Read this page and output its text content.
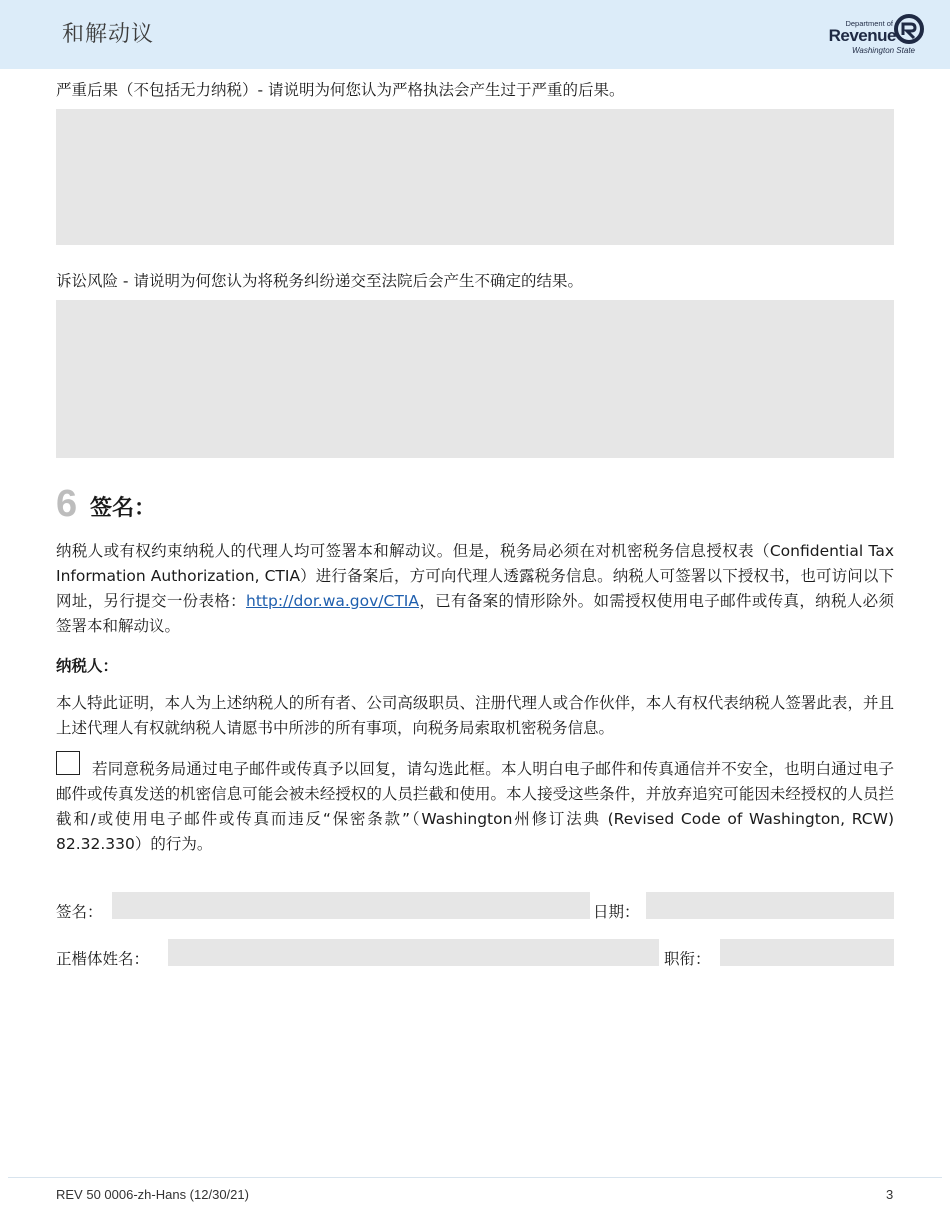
和解动议	Department of
Revenue
Washington State
严重后果（不包括无力纳税）- 请说明为何您认为严格执法会产生过于严重的后果。
诉讼风险 - 请说明为何您认为将税务纠纷递交至法院后会产生不确定的结果。
6 签名：
纳税人或有权约束纳税人的代理人均可签署本和解动议。但是，税务局必须在对机密税务信息授权表（Confidential Tax Information Authorization, CTIA）进行备案后，方可向代理人透露税务信息。纳税人可签署以下授权书，也可访问以下网址，另行提交一份表格：http://dor.wa.gov/CTIA，已有备案的情形除外。如需授权使用电子邮件或传真，纳税人必须签署本和解动议。
纳税人：
本人特此证明，本人为上述纳税人的所有者、公司高级职员、注册代理人或合作伙伴，本人有权代表纳税人签署此表，并且上述代理人有权就纳税人请愿书中所涉的所有事项，向税务局索取机密税务信息。
若同意税务局通过电子邮件或传真予以回复，请勾选此框。本人明白电子邮件和传真通信并不安全，也明白通过电子邮件或传真发送的机密信息可能会被未经授权的人员拦截和使用。本人接受这些条件，并放弃追究可能因未经授权的人员拦截和/或使用电子邮件或传真而违反“保密条款”（Washington州修订法典 (Revised Code of Washington, RCW) 82.32.330）的行为。
签名：	日期：
正楷体姓名：	职衔：
REV 50 0006-zh-Hans (12/30/21)	3
